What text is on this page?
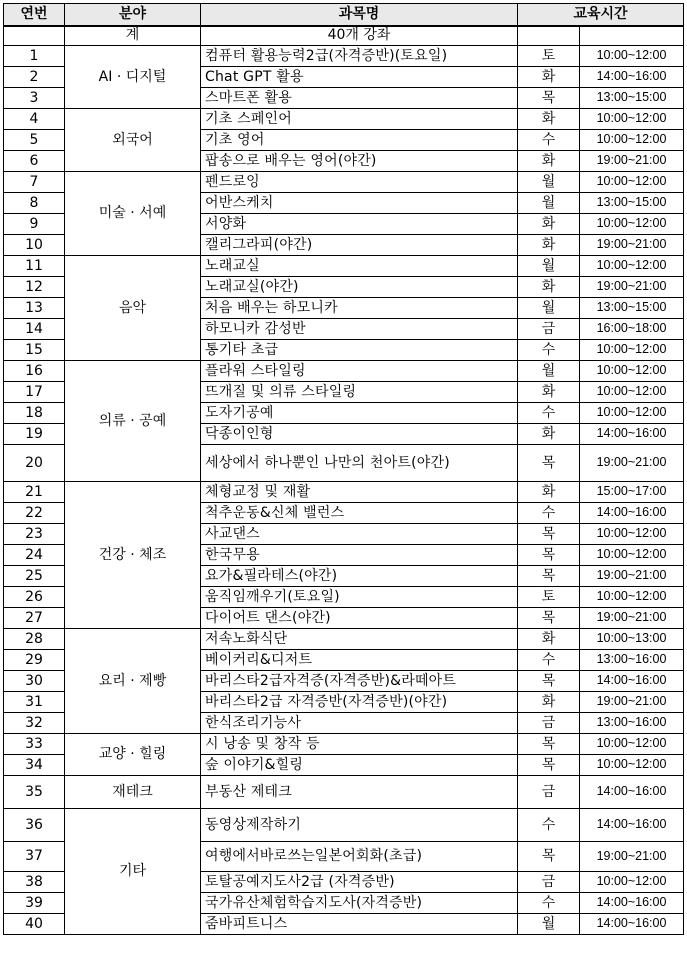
연번	분야	과목명	교육시간	
	계	40개 강좌		
1	AI · 디지털	컴퓨터 활용능력2급(자격증반)(토요일)	토	10:00~12:00
2		Chat GPT 활용	화	14:00~16:00
3		스마트폰 활용	목	13:00~15:00
4	외국어	기초 스페인어	화	10:00~12:00
5		기초 영어	수	10:00~12:00
6		팝송으로 배우는 영어(야간)	화	19:00~21:00
7	미술 · 서예	펜드로잉	월	10:00~12:00
8		어반스케치	월	13:00~15:00
9		서양화	화	10:00~12:00
10		캘리그라피(야간)	화	19:00~21:00
11	음악	노래교실	월	10:00~12:00
12		노래교실(야간)	화	19:00~21:00
13		처음 배우는 하모니카	월	13:00~15:00
14		하모니카 감성반	금	16:00~18:00
15		통기타 초급	수	10:00~12:00
16	의류 · 공예	플라워 스타일링	월	10:00~12:00
17		뜨개질 및 의류 스타일링	화	10:00~12:00
18		도자기공예	수	10:00~12:00
19		닥종이인형	화	14:00~16:00
20		세상에서 하나뿐인 나만의 천아트(야간)	목	19:00~21:00
21	건강 · 체조	체형교정 및 재활	화	15:00~17:00
22		척추운동&신체 밸런스	수	14:00~16:00
23		사교댄스	목	10:00~12:00
24		한국무용	목	10:00~12:00
25		요가&필라테스(야간)	목	19:00~21:00
26		움직임깨우기(토요일)	토	10:00~12:00
27		다이어트 댄스(야간)	목	19:00~21:00
28	요리 · 제빵	저속노화식단	화	10:00~13:00
29		베이커리&디저트	수	13:00~16:00
30		바리스타2급자격증(자격증반)&라떼아트	목	14:00~16:00
31		바리스타2급 자격증반(자격증반)(야간)	화	19:00~21:00
32		한식조리기능사	금	13:00~16:00
33	교양 · 힐링	시 낭송 및 창작 등	목	10:00~12:00
34		숲 이야기&힐링	목	10:00~12:00
35	재테크	부동산 제테크	금	14:00~16:00
36	기타	동영상제작하기	수	14:00~16:00
37		여행에서바로쓰는일본어회화(초급)	목	19:00~21:00
38		토탈공예지도사2급 (자격증반)	금	10:00~12:00
39		국가유산체험학습지도사(자격증반)	수	14:00~16:00
40		줌바피트니스	월	14:00~16:00
